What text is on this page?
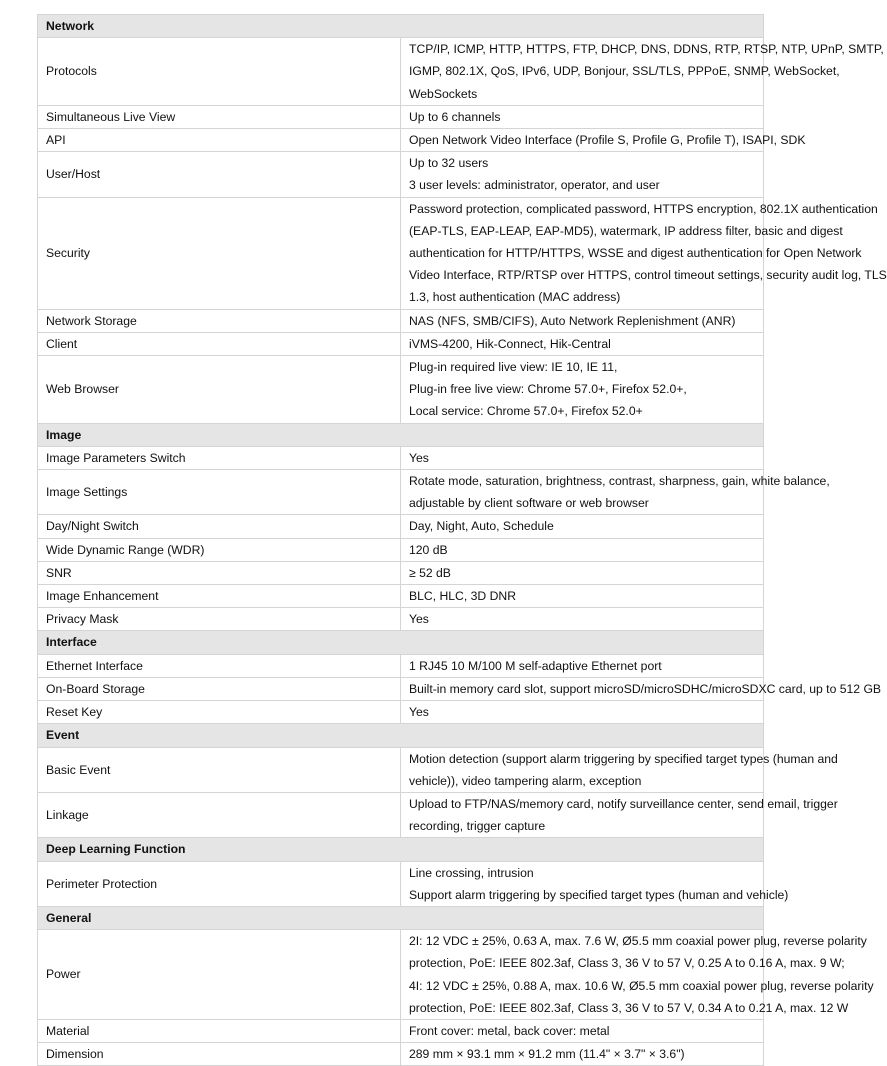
Network	
Protocols	TCP/IP, ICMP, HTTP, HTTPS, FTP, DHCP, DNS, DDNS, RTP, RTSP, NTP, UPnP, SMTP,
IGMP, 802.1X, QoS, IPv6, UDP, Bonjour, SSL/TLS, PPPoE, SNMP, WebSocket,
WebSockets

Simultaneous Live View	Up to 6 channels

API	Open Network Video Interface (Profile S, Profile G, Profile T), ISAPI, SDK

User/Host	Up to 32 users
3 user levels: administrator, operator, and user

Security	Password protection, complicated password, HTTPS encryption, 802.1X authentication
(EAP-TLS, EAP-LEAP, EAP-MD5), watermark, IP address filter, basic and digest
authentication for HTTP/HTTPS, WSSE and digest authentication for Open Network
Video Interface, RTP/RTSP over HTTPS, control timeout settings, security audit log, TLS
1.3, host authentication (MAC address)

Network Storage	NAS (NFS, SMB/CIFS), Auto Network Replenishment (ANR)

Client	iVMS-4200, Hik-Connect, Hik-Central

Web Browser	Plug-in required live view: IE 10, IE 11,
Plug-in free live view: Chrome 57.0+, Firefox 52.0+,
Local service: Chrome 57.0+, Firefox 52.0+

Image	
Image Parameters Switch	Yes

Image Settings	Rotate mode, saturation, brightness, contrast, sharpness, gain, white balance,
adjustable by client software or web browser

Day/Night Switch	Day, Night, Auto, Schedule

Wide Dynamic Range (WDR)	120 dB

SNR	≥ 52 dB

Image Enhancement	BLC, HLC, 3D DNR

Privacy Mask	Yes

Interface	
Ethernet Interface	1 RJ45 10 M/100 M self-adaptive Ethernet port

On-Board Storage	Built-in memory card slot, support microSD/microSDHC/microSDXC card, up to 512 GB

Reset Key	Yes

Event	
Basic Event	Motion detection (support alarm triggering by specified target types (human and
vehicle)), video tampering alarm, exception

Linkage	Upload to FTP/NAS/memory card, notify surveillance center, send email, trigger
recording, trigger capture

Deep Learning Function	
Perimeter Protection	Line crossing, intrusion
Support alarm triggering by specified target types (human and vehicle)

General	
Power	2I: 12 VDC ± 25%, 0.63 A, max. 7.6 W, Ø5.5 mm coaxial power plug, reverse polarity
protection, PoE: IEEE 802.3af, Class 3, 36 V to 57 V, 0.25 A to 0.16 A, max. 9 W;
4I: 12 VDC ± 25%, 0.88 A, max. 10.6 W, Ø5.5 mm coaxial power plug, reverse polarity
protection, PoE: IEEE 802.3af, Class 3, 36 V to 57 V, 0.34 A to 0.21 A, max. 12 W

Material	Front cover: metal, back cover: metal

Dimension	289 mm × 93.1 mm × 91.2 mm (11.4" × 3.7" × 3.6")
